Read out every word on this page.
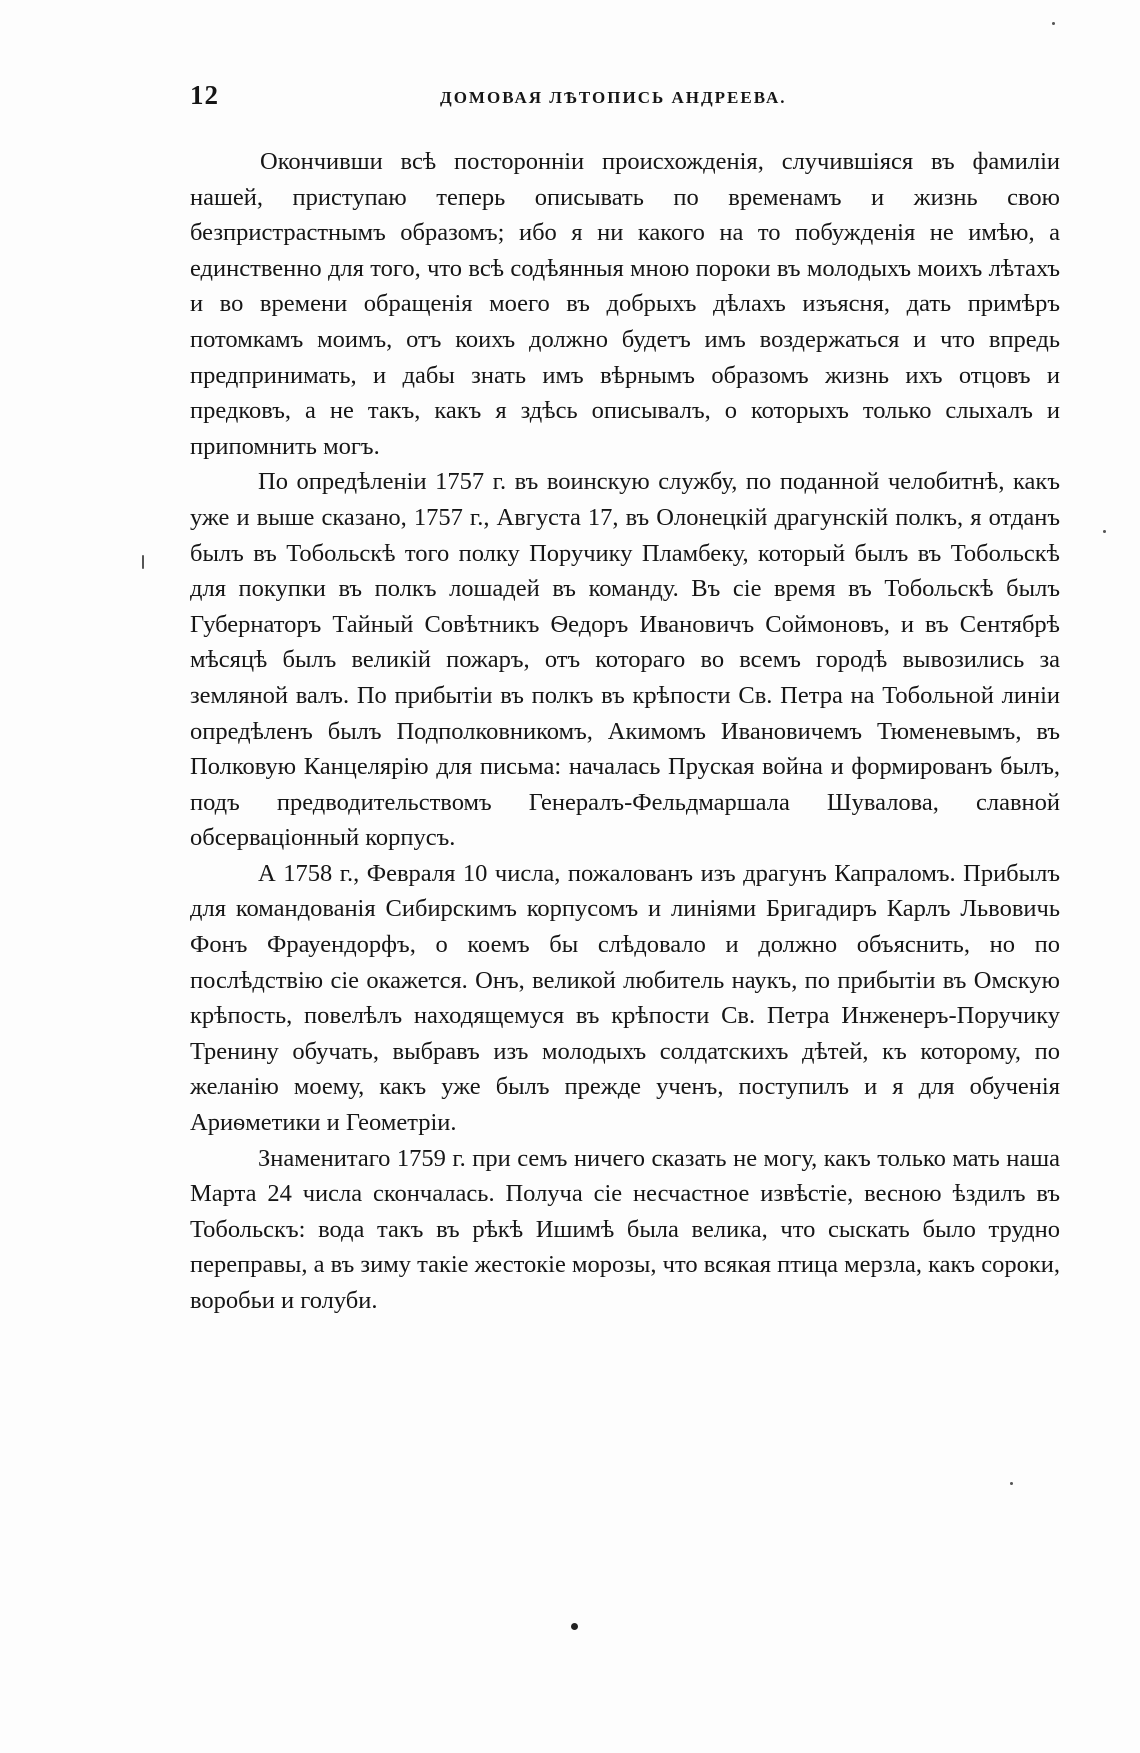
12	ДОМОВАЯ ЛѢТОПИСЬ АНДРЕЕВА.

Окончивши всѣ посторонніи происхожденія, случившіяся въ фамиліи нашей, приступаю теперь описывать по временамъ и жизнь свою безпристрастнымъ образомъ; ибо я ни какого на то побужденія не имѣю, а единственно для того, что всѣ содѣянныя мною пороки въ молодыхъ моихъ лѣтахъ и во времени обращенія моего въ добрыхъ дѣлахъ изъясня, дать примѣръ потомкамъ моимъ, отъ коихъ должно будетъ имъ воздержаться и что впредь предпринимать, и дабы знать имъ вѣрнымъ образомъ жизнь ихъ отцовъ и предковъ, а не такъ, какъ я здѣсь описывалъ, о которыхъ только слыхалъ и припомнить могъ.

По опредѣленіи 1757 г. въ воинскую службу, по поданной челобитнѣ, какъ уже и выше сказано, 1757 г., Августа 17, въ Олонецкій драгунскій полкъ, я отданъ былъ въ Тобольскѣ того полку Поручику Пламбеку, который былъ въ Тобольскѣ для покупки въ полкъ лошадей въ команду. Въ сіе время въ Тобольскѣ былъ Губернаторъ Тайный Совѣтникъ Ѳедоръ Ивановичъ Соймоновъ, и въ Сентябрѣ мѣсяцѣ былъ великій пожаръ, отъ котораго во всемъ городѣ вывозились за земляной валъ. По прибытіи въ полкъ въ крѣпости Св. Петра на Тобольной линіи опредѣленъ былъ Подполковникомъ, Акимомъ Ивановичемъ Тюменевымъ, въ Полковую Канцелярію для письма: началась Пруская война и формированъ былъ, подъ предводительствомъ Генералъ-Фельдмаршала Шувалова, славной обсерваціонный корпусъ.

А 1758 г., Февраля 10 числа, пожалованъ изъ драгунъ Капраломъ. Прибылъ для командованія Сибирскимъ корпусомъ и линіями Бригадиръ Карлъ Львовичь Фонъ Фрауендорфъ, о коемъ бы слѣдовало и должно объяснить, но по послѣдствію сіе окажется. Онъ, великой любитель наукъ, по прибытіи въ Омскую крѣпость, повелѣлъ находящемуся въ крѣпости Св. Петра Инженеръ-Поручику Тренину обучать, выбравъ изъ молодыхъ солдатскихъ дѣтей, къ которому, по желанію моему, какъ уже былъ прежде ученъ, поступилъ и я для обученія Ариѳметики и Геометріи.

Знаменитаго 1759 г. при семъ ничего сказать не могу, какъ только мать наша Марта 24 числа скончалась. Получа сіе несчастное извѣстіе, весною ѣздилъ въ Тобольскъ: вода такъ въ рѣкѣ Ишимѣ была велика, что сыскать было трудно переправы, а въ зиму такіе жестокіе морозы, что всякая птица мерзла, какъ сороки, воробьи и голуби.
